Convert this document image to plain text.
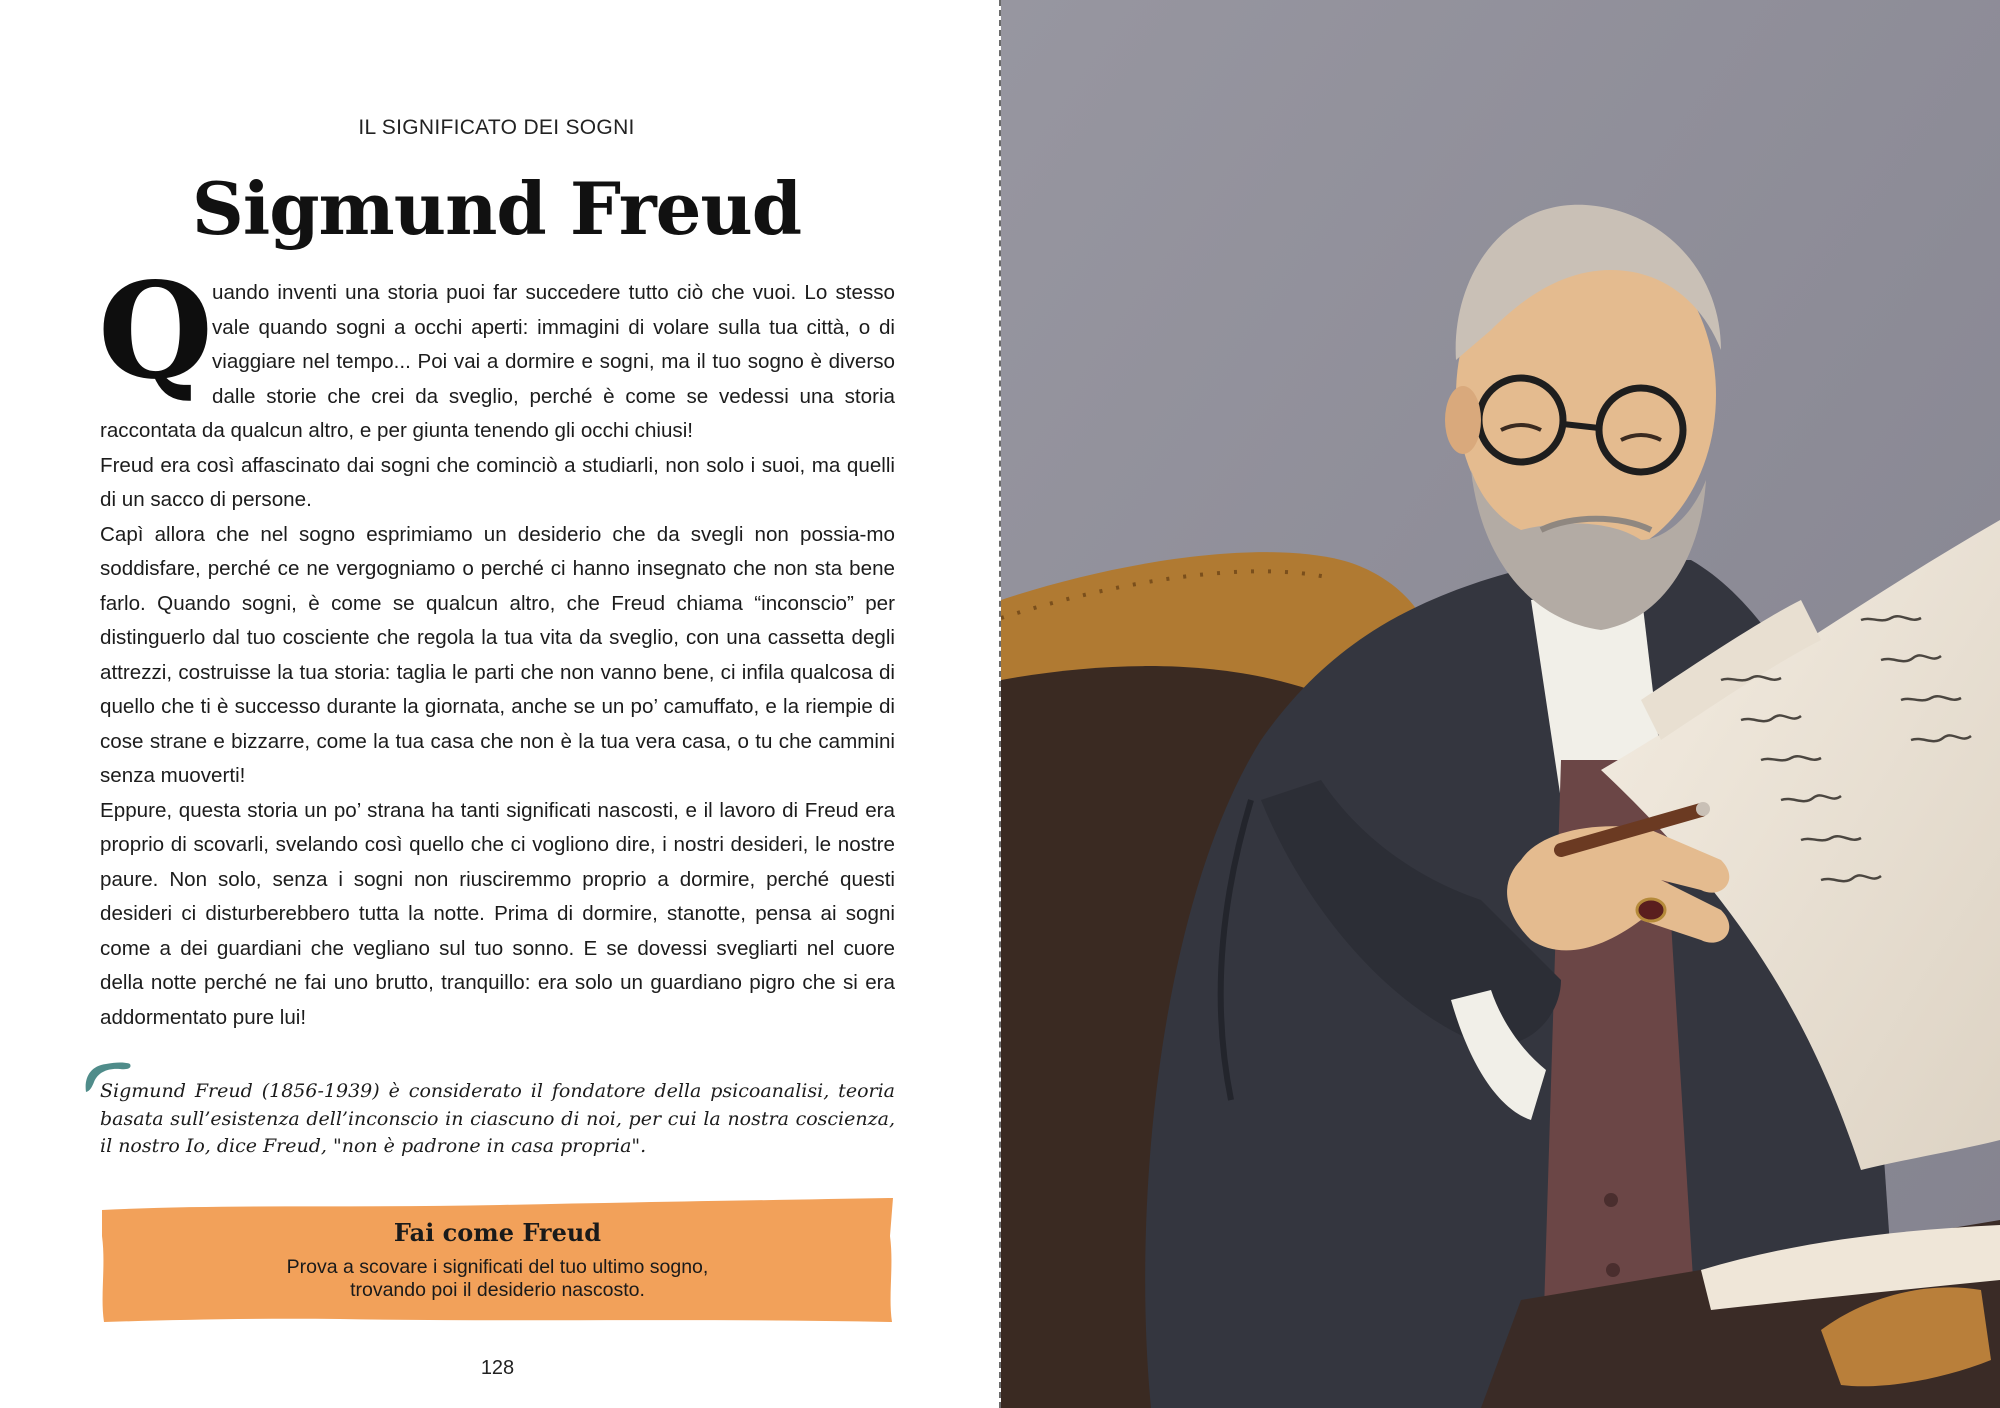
IL SIGNIFICATO DEI SOGNI
Sigmund Freud

Quando inventi una storia puoi far succedere tutto ciò che vuoi. Lo stesso vale quando sogni a occhi aperti: immagini di volare sulla tua città, o di viaggiare nel tempo... Poi vai a dormire e sogni, ma il tuo sogno è diverso dalle storie che crei da sveglio, perché è come se vedessi una storia raccontata da qualcun altro, e per giunta tenendo gli occhi chiusi!

Freud era così affascinato dai sogni che cominciò a studiarli, non solo i suoi, ma quelli di un sacco di persone.

Capì allora che nel sogno esprimiamo un desiderio che da svegli non possia-mo soddisfare, perché ce ne vergogniamo o perché ci hanno insegnato che non sta bene farlo. Quando sogni, è come se qualcun altro, che Freud chiama “inconscio” per distinguerlo dal tuo cosciente che regola la tua vita da sveglio, con una cassetta degli attrezzi, costruisse la tua storia: taglia le parti che non vanno bene, ci infila qualcosa di quello che ti è successo durante la giornata, anche se un po’ camuffato, e la riempie di cose strane e bizzarre, come la tua casa che non è la tua vera casa, o tu che cammini senza muoverti!

Eppure, questa storia un po’ strana ha tanti significati nascosti, e il lavoro di Freud era proprio di scovarli, svelando così quello che ci vogliono dire, i nostri desideri, le nostre paure. Non solo, senza i sogni non riusciremmo proprio a dormire, perché questi desideri ci disturberebbero tutta la notte. Prima di dormire, stanotte, pensa ai sogni come a dei guardiani che vegliano sul tuo sonno. E se dovessi svegliarti nel cuore della notte perché ne fai uno brutto, tranquillo: era solo un guardiano pigro che si era addormentato pure lui!

Sigmund Freud (1856-1939) è considerato il fondatore della psicoanalisi, teoria basata sull’esistenza dell’inconscio in ciascuno di noi, per cui la nostra coscienza, il nostro Io, dice Freud, "non è padrone in casa propria".
Fai come Freud
Prova a scovare i significati del tuo ultimo sogno,
trovando poi il desiderio nascosto.
128
